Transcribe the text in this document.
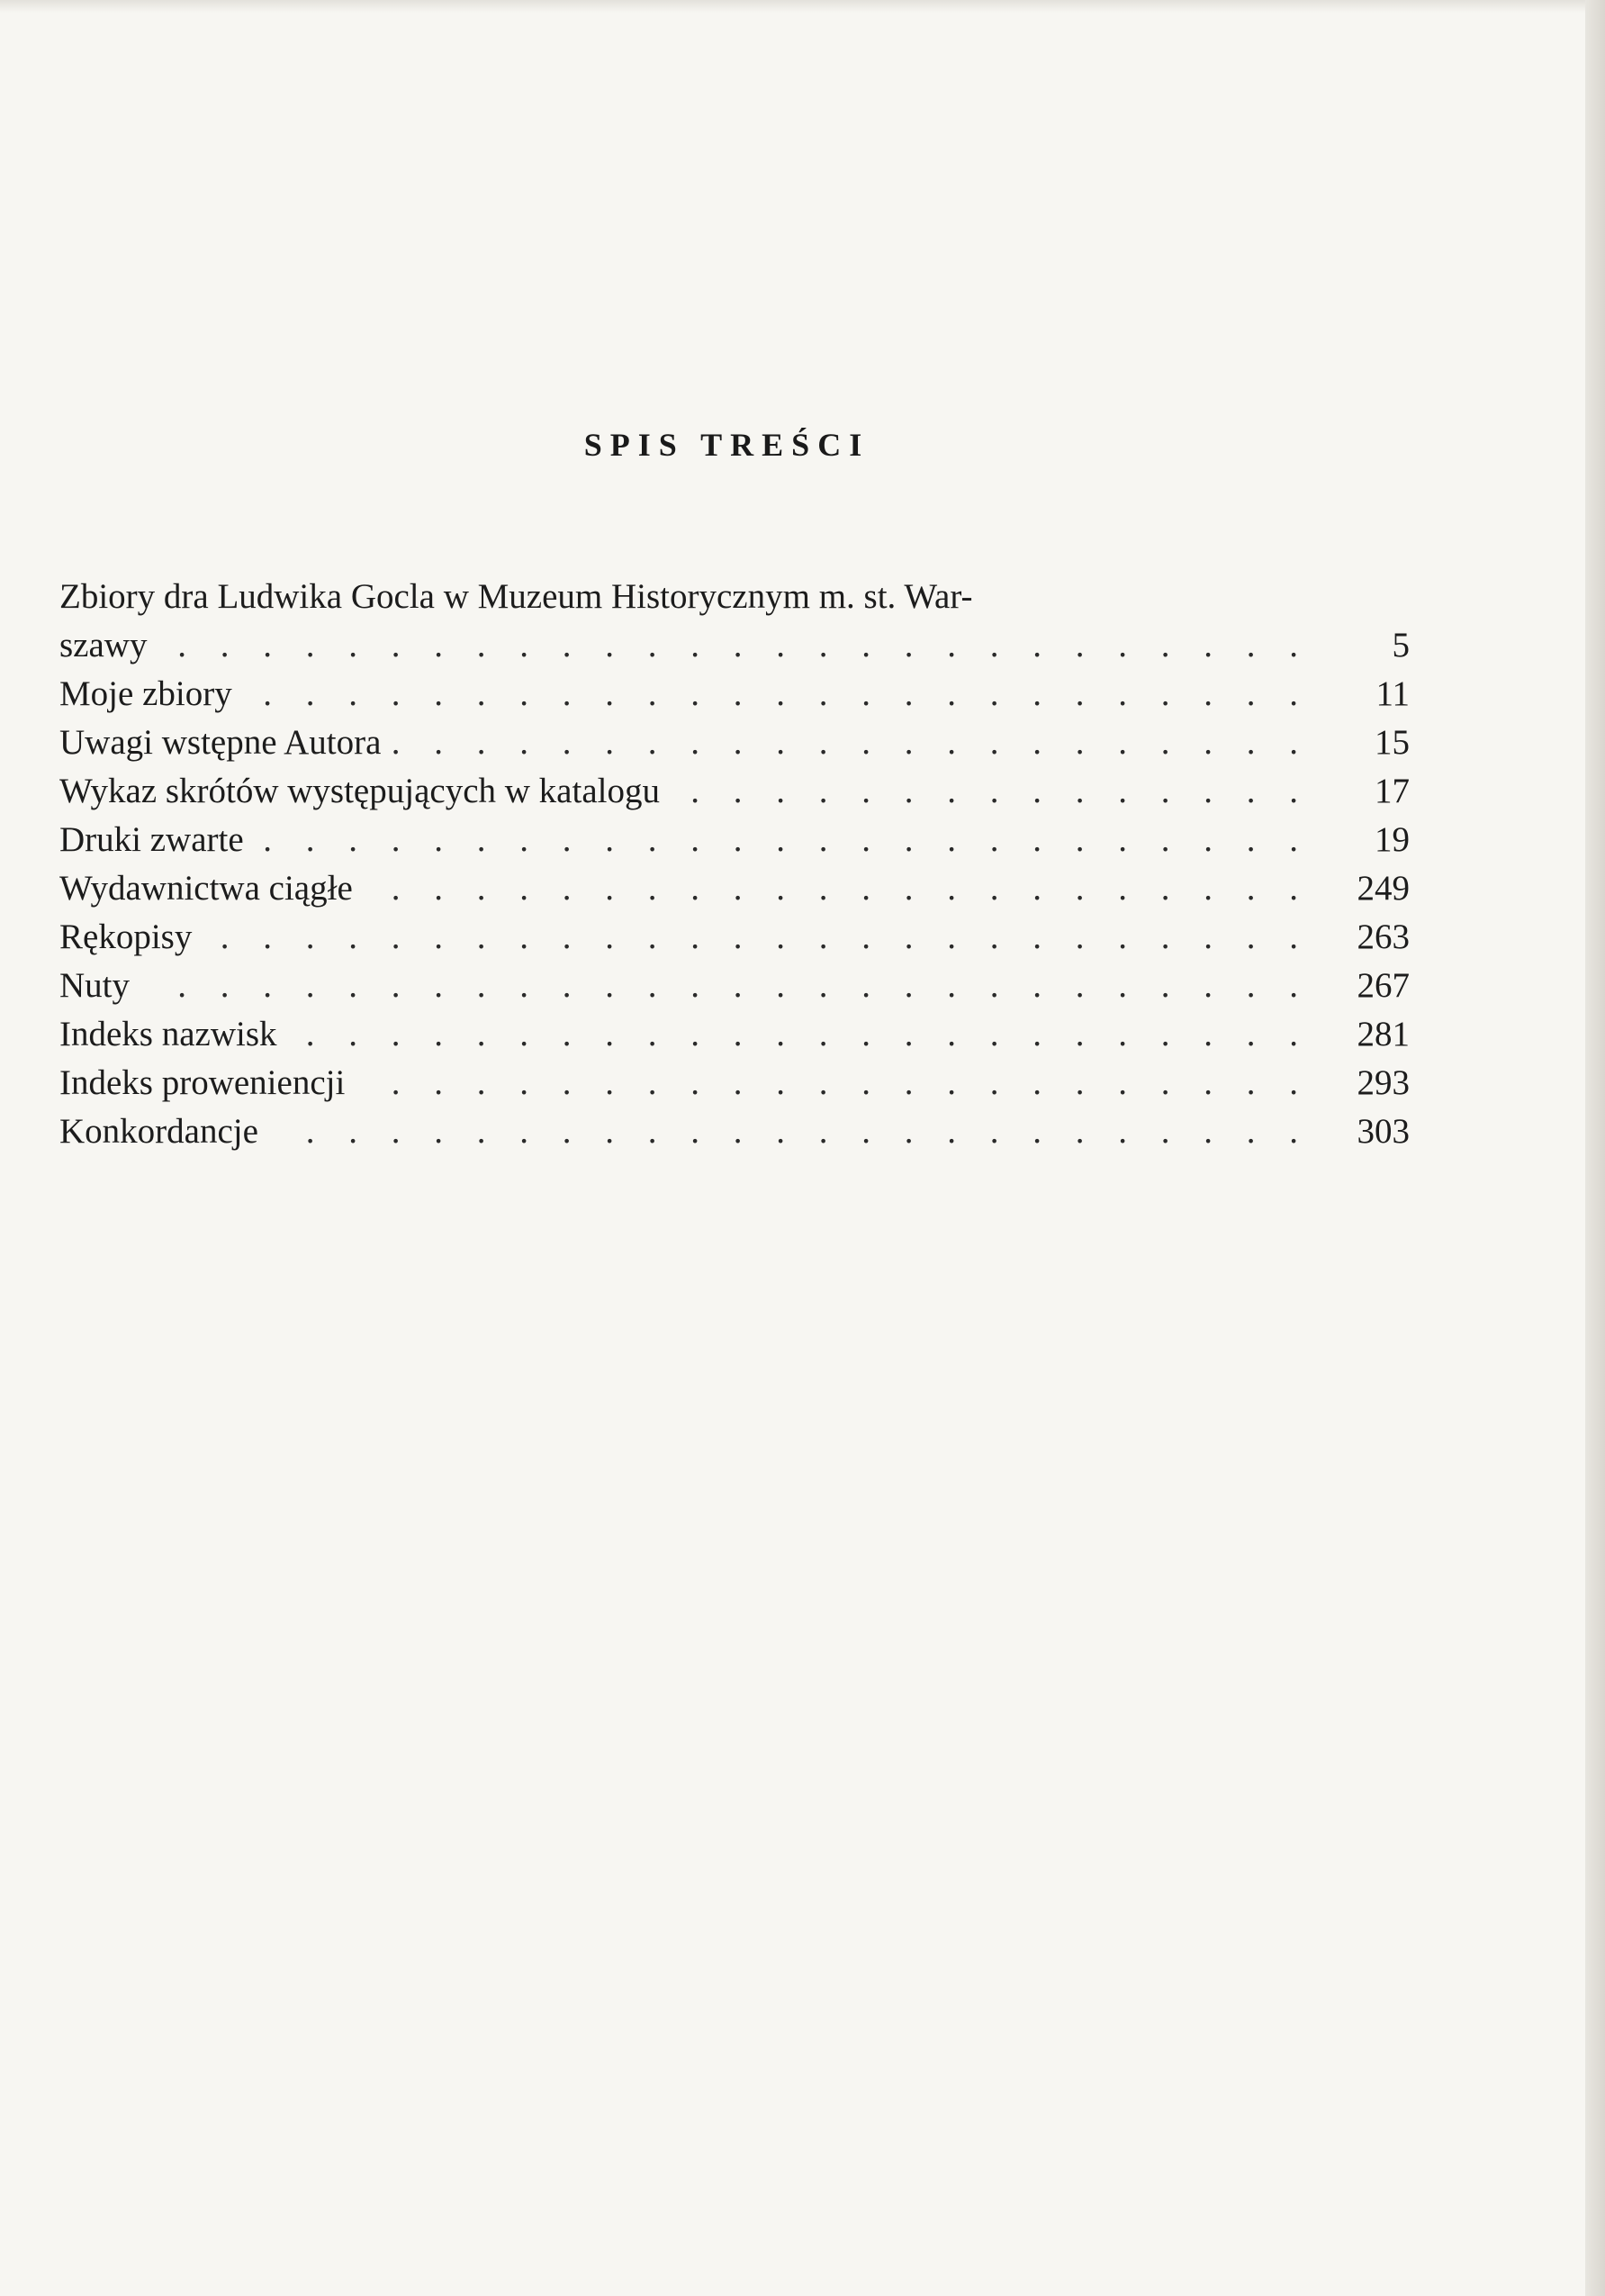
SPIS TREŚCI
Zbiory dra Ludwika Gocla w Muzeum Historycznym m. st. War-
szawy . . .	5
Moje zbiory . . .	11
Uwagi wstępne Autora . . .	15
Wykaz skrótów występujących w katalogu . . .	17
Druki zwarte . . .	19
Wydawnictwa ciągłe . . .	249
Rękopisy . . .	263
Nuty . . .	267
Indeks nazwisk . . .	281
Indeks proweniencji . . .	293
Konkordancje . . .	303
